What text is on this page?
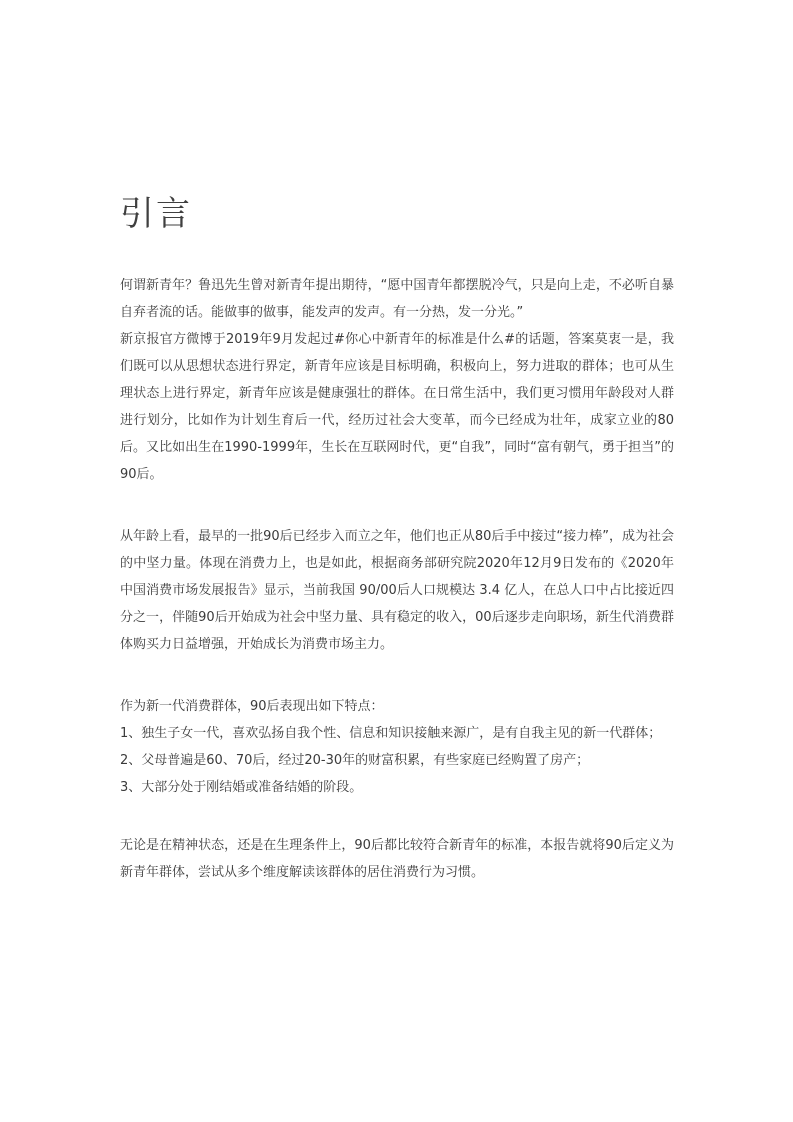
引言

何谓新青年？鲁迅先生曾对新青年提出期待，“愿中国青年都摆脱冷气，只是向上走，不必听自暴自弃者流的话。能做事的做事，能发声的发声。有一分热，发一分光。”

新京报官方微博于2019年9月发起过#你心中新青年的标准是什么#的话题，答案莫衷一是，我们既可以从思想状态进行界定，新青年应该是目标明确，积极向上，努力进取的群体；也可从生理状态上进行界定，新青年应该是健康强壮的群体。在日常生活中，我们更习惯用年龄段对人群进行划分，比如作为计划生育后一代，经历过社会大变革，而今已经成为壮年，成家立业的80后。又比如出生在1990-1999年，生长在互联网时代，更“自我”，同时“富有朝气，勇于担当”的90后。

从年龄上看，最早的一批90后已经步入而立之年，他们也正从80后手中接过“接力棒”，成为社会的中坚力量。体现在消费力上，也是如此，根据商务部研究院2020年12月9日发布的《2020年中国消费市场发展报告》显示，当前我国 90/00后人口规模达 3.4 亿人，在总人口中占比接近四分之一，伴随90后开始成为社会中坚力量、具有稳定的收入，00后逐步走向职场，新生代消费群体购买力日益增强，开始成长为消费市场主力。

作为新一代消费群体，90后表现出如下特点：

1、独生子女一代，喜欢弘扬自我个性、信息和知识接触来源广，是有自我主见的新一代群体；

2、父母普遍是60、70后，经过20-30年的财富积累，有些家庭已经购置了房产；

3、大部分处于刚结婚或准备结婚的阶段。

无论是在精神状态，还是在生理条件上，90后都比较符合新青年的标准，本报告就将90后定义为新青年群体，尝试从多个维度解读该群体的居住消费行为习惯。
